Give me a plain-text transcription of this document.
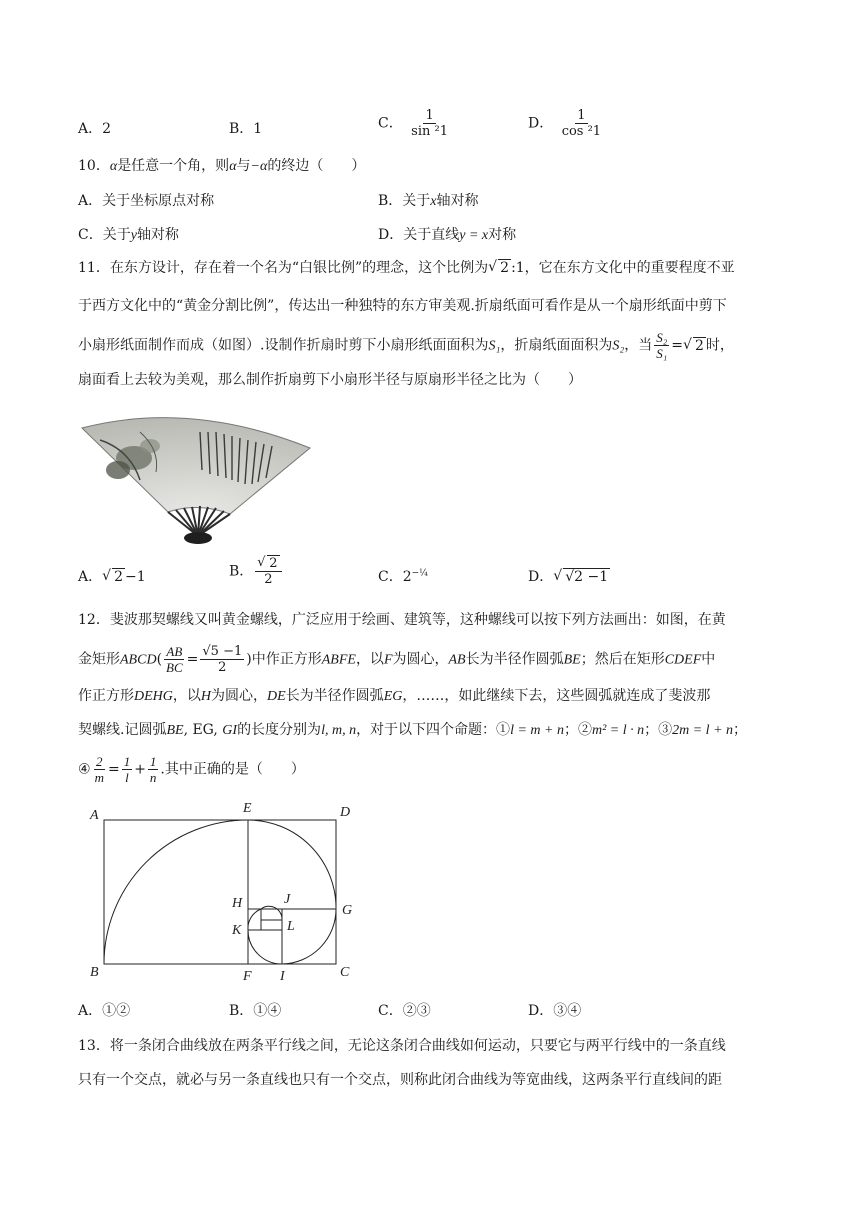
A．2	B．1	C． $\frac{1}{\text{sin ²1}}$	D． $\frac{1}{\text{cos ²1}}$
10．α是任意一个角，则α与−α的终边（　　）
A．关于坐标原点对称	B．关于x轴对称
C．关于y轴对称	D．关于直线y = x对称
11．在东方设计，存在着一个名为“白银比例”的理念，这个比例为 √ 2 :1，它在东方文化中的重要程度不亚
于西方文化中的“黄金分割比例”，传达出一种独特的东方审美观.折扇纸面可看作是从一个扇形纸面中剪下
小扇形纸面制作而成（如图）.设制作折扇时剪下小扇形纸面面积为S₁，折扇纸面面积为S₂，当 $\frac{\text{S₂}}{\text{S₁}}$ = √ 2 时，
扇面看上去较为美观，那么制作折扇剪下小扇形半径与原扇形半径之比为（　　）
A． √ 2 −1	B． √ $\frac{2}{2}$	C．$2^{-\frac{1}{4}}$	D． √ √2 −1
12．斐波那契螺线又叫黄金螺线，广泛应用于绘画、建筑等，这种螺线可以按下列方法画出：如图，在黄
金矩形ABCD( $\frac{AB}{BC} = \frac{√5 -1}{2}$ )中作正方形ABFE，以F为圆心，AB长为半径作圆弧BE；然后在矩形CDEF中
作正方形DEHG，以H为圆心，DE长为半径作圆弧EG，……，如此继续下去，这些圆弧就连成了斐波那
契螺线.记圆弧BE, EG, GI的长度分别为l, m, n，对于以下四个命题：①l = m + n；②m² = l · n；③2m = l + n；
④ $\frac{2}{m} = \frac{1}{l} + \frac{1}{n}$ .其中正确的是（　　）
A	E	D
H	J
G
K	L
B	F I	C
A．①②	B．①④	C．②③	D．③④
13．将一条闭合曲线放在两条平行线之间，无论这条闭合曲线如何运动，只要它与两平行线中的一条直线
只有一个交点，就必与另一条直线也只有一个交点，则称此闭合曲线为等宽曲线，这两条平行直线间的距
